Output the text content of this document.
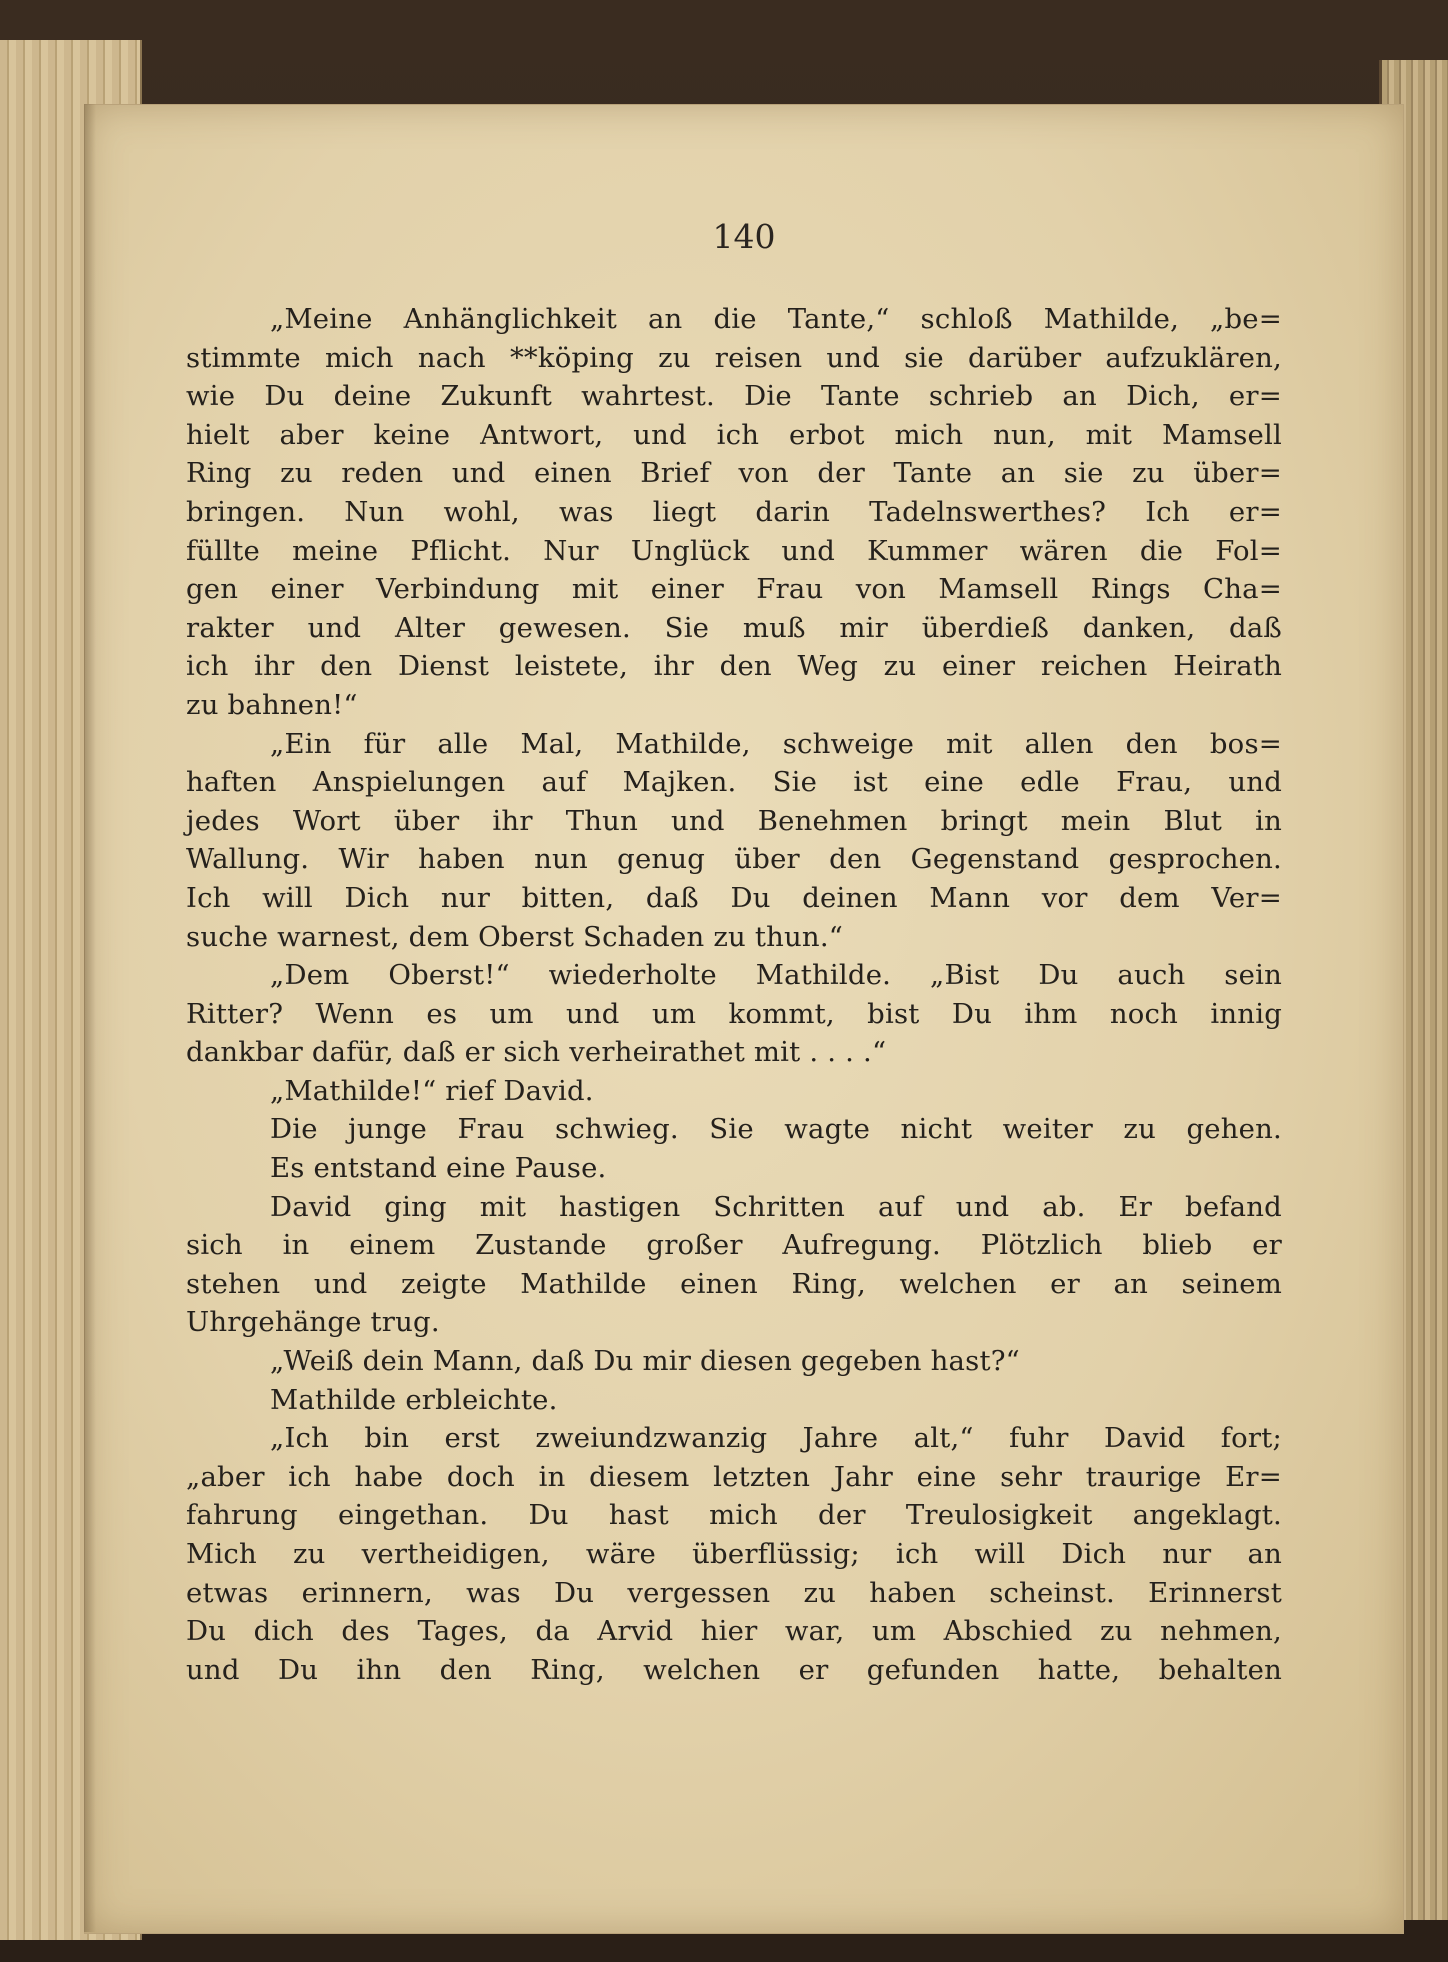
140
„Meine Anhänglichkeit an die Tante,“ schloß Mathilde, „be=
stimmte mich nach **köping zu reisen und sie darüber aufzuklären,
wie Du deine Zukunft wahrtest. Die Tante schrieb an Dich, er=
hielt aber keine Antwort, und ich erbot mich nun, mit Mamsell
Ring zu reden und einen Brief von der Tante an sie zu über=
bringen. Nun wohl, was liegt darin Tadelnswerthes? Ich er=
füllte meine Pflicht. Nur Unglück und Kummer wären die Fol=
gen einer Verbindung mit einer Frau von Mamsell Rings Cha=
rakter und Alter gewesen. Sie muß mir überdieß danken, daß
ich ihr den Dienst leistete, ihr den Weg zu einer reichen Heirath
zu bahnen!“
„Ein für alle Mal, Mathilde, schweige mit allen den bos=
haften Anspielungen auf Majken. Sie ist eine edle Frau, und
jedes Wort über ihr Thun und Benehmen bringt mein Blut in
Wallung. Wir haben nun genug über den Gegenstand gesprochen.
Ich will Dich nur bitten, daß Du deinen Mann vor dem Ver=
suche warnest, dem Oberst Schaden zu thun.“
„Dem Oberst!“ wiederholte Mathilde. „Bist Du auch sein
Ritter? Wenn es um und um kommt, bist Du ihm noch innig
dankbar dafür, daß er sich verheirathet mit . . . .“
„Mathilde!“ rief David.
Die junge Frau schwieg. Sie wagte nicht weiter zu gehen.
Es entstand eine Pause.
David ging mit hastigen Schritten auf und ab. Er befand
sich in einem Zustande großer Aufregung. Plötzlich blieb er
stehen und zeigte Mathilde einen Ring, welchen er an seinem
Uhrgehänge trug.
„Weiß dein Mann, daß Du mir diesen gegeben hast?“
Mathilde erbleichte.
„Ich bin erst zweiundzwanzig Jahre alt,“ fuhr David fort;
„aber ich habe doch in diesem letzten Jahr eine sehr traurige Er=
fahrung eingethan. Du hast mich der Treulosigkeit angeklagt.
Mich zu vertheidigen, wäre überflüssig; ich will Dich nur an
etwas erinnern, was Du vergessen zu haben scheinst. Erinnerst
Du dich des Tages, da Arvid hier war, um Abschied zu nehmen,
und Du ihn den Ring, welchen er gefunden hatte, behalten
